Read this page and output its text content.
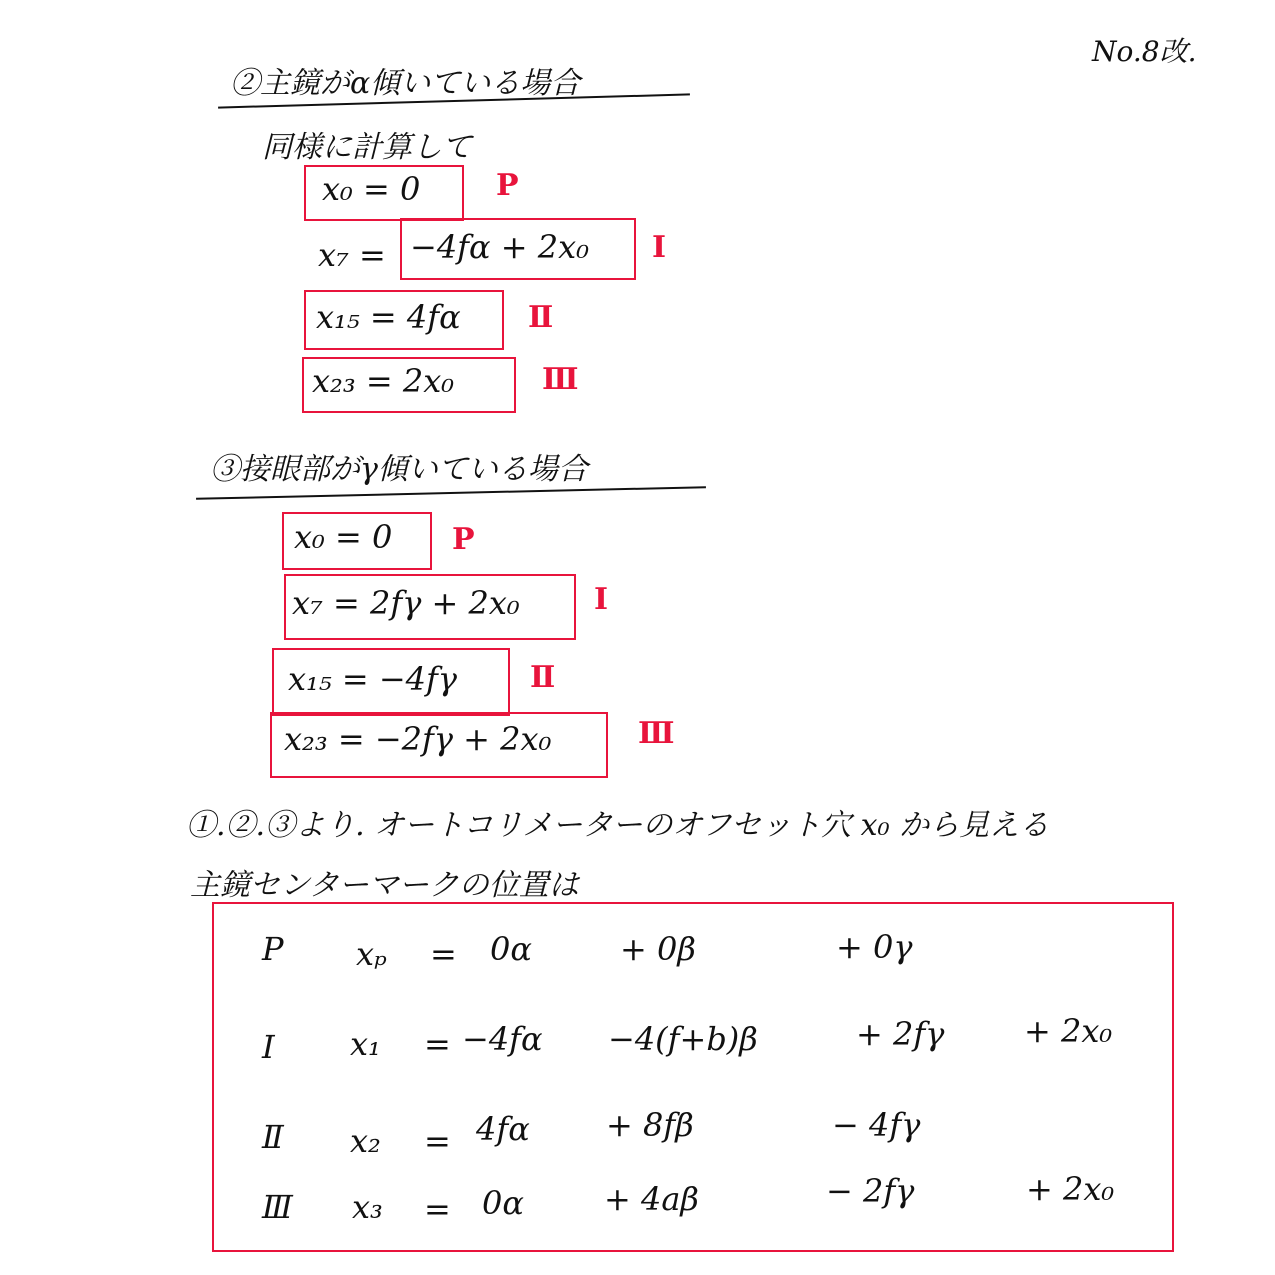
No.8改.
②主鏡がα傾いている場合
同様に計算して
x₀ = 0	P
x₇ = −4fα + 2x₀ Ⅰ
x₁₅ = 4fα Ⅱ
x₂₃ = 2x₀	Ⅲ
③接眼部がγ傾いている場合
x₀ = 0 P
x₇ = 2fγ + 2x₀ Ⅰ
x₁₅ = −4fγ Ⅱ
x₂₃ = −2fγ + 2x₀	Ⅲ
①.②.③より. オートコリメーターのオフセット穴 x₀ から見える
主鏡センターマークの位置は
P xₚ = 0α	+ 0β	+ 0γ
Ⅰ x₁ = −4fα −4(f+b)β	+ 2fγ + 2x₀
Ⅱ x₂ = 4fα + 8fβ	− 4fγ
Ⅲ x₃ = 0α	+ 4aβ	− 2fγ	+ 2x₀
